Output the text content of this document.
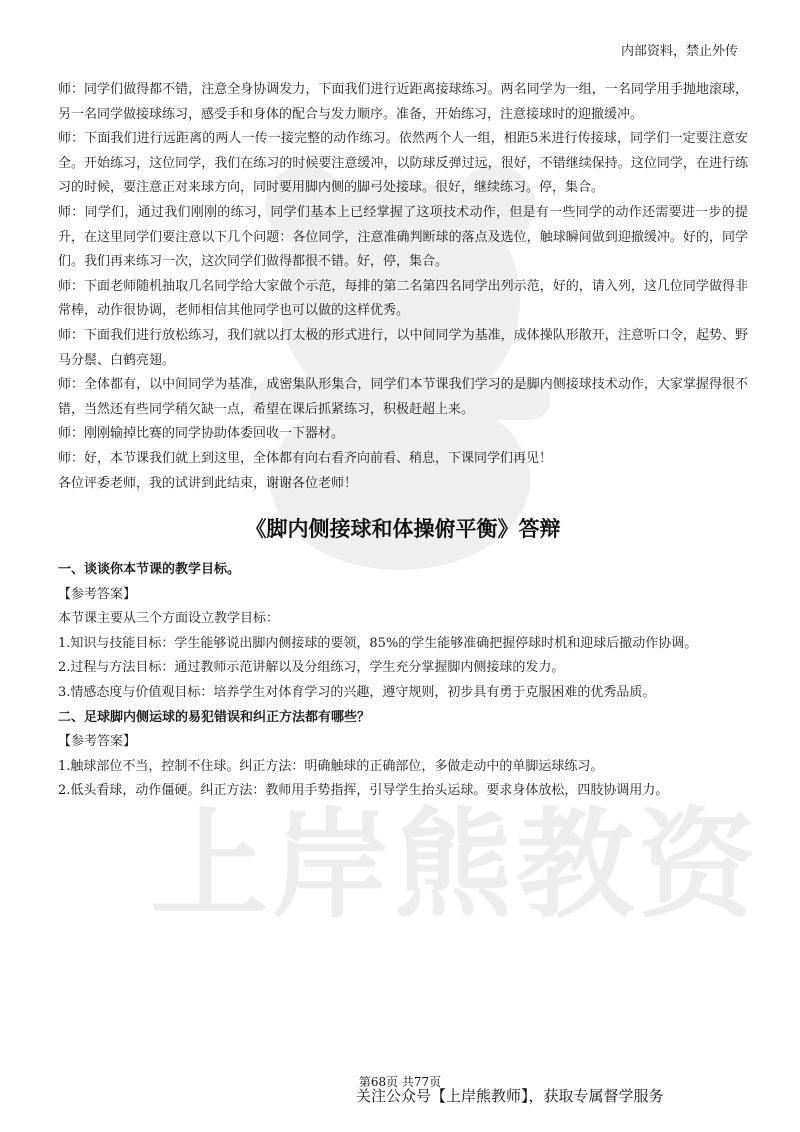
上岸熊教资
内部资料，禁止外传

师：同学们做得都不错，注意全身协调发力，下面我们进行近距离接球练习。两名同学为一组，一名同学用手抛地滚球，另一名同学做接球练习，感受手和身体的配合与发力顺序。准备，开始练习，注意接球时的迎撤缓冲。

师：下面我们进行远距离的两人一传一接完整的动作练习。依然两个人一组，相距5米进行传接球，同学们一定要注意安全。开始练习，这位同学，我们在练习的时候要注意缓冲，以防球反弹过远，很好，不错继续保持。这位同学，在进行练习的时候，要注意正对来球方向，同时要用脚内侧的脚弓处接球。很好，继续练习。停，集合。

师：同学们，通过我们刚刚的练习，同学们基本上已经掌握了这项技术动作，但是有一些同学的动作还需要进一步的提升，在这里同学们要注意以下几个问题：各位同学，注意准确判断球的落点及选位，触球瞬间做到迎撤缓冲。好的，同学们。我们再来练习一次，这次同学们做得都很不错。好，停，集合。

师：下面老师随机抽取几名同学给大家做个示范，每排的第二名第四名同学出列示范，好的，请入列，这几位同学做得非常棒，动作很协调，老师相信其他同学也可以做的这样优秀。

师：下面我们进行放松练习，我们就以打太极的形式进行，以中间同学为基准，成体操队形散开，注意听口令，起势、野马分鬃、白鹤亮翅。

师：全体都有，以中间同学为基准，成密集队形集合，同学们本节课我们学习的是脚内侧接球技术动作，大家掌握得很不错，当然还有些同学稍欠缺一点，希望在课后抓紧练习，积极赶超上来。

师：刚刚输掉比赛的同学协助体委回收一下器材。

师：好，本节课我们就上到这里，全体都有向右看齐向前看、稍息，下课同学们再见！

各位评委老师，我的试讲到此结束，谢谢各位老师！

《脚内侧接球和体操俯平衡》答辩

一、谈谈你本节课的教学目标。

【参考答案】

本节课主要从三个方面设立教学目标：

1.知识与技能目标：学生能够说出脚内侧接球的要领，85%的学生能够准确把握停球时机和迎球后撤动作协调。

2.过程与方法目标：通过教师示范讲解以及分组练习，学生充分掌握脚内侧接球的发力。

3.情感态度与价值观目标：培养学生对体育学习的兴趣，遵守规则，初步具有勇于克服困难的优秀品质。

二、足球脚内侧运球的易犯错误和纠正方法都有哪些？

【参考答案】

1.触球部位不当，控制不住球。纠正方法：明确触球的正确部位，多做走动中的单脚运球练习。

2.低头看球，动作僵硬。纠正方法：教师用手势指挥，引导学生抬头运球。要求身体放松，四肢协调用力。

第68页 共77页
关注公众号【上岸熊教师】，获取专属督学服务
